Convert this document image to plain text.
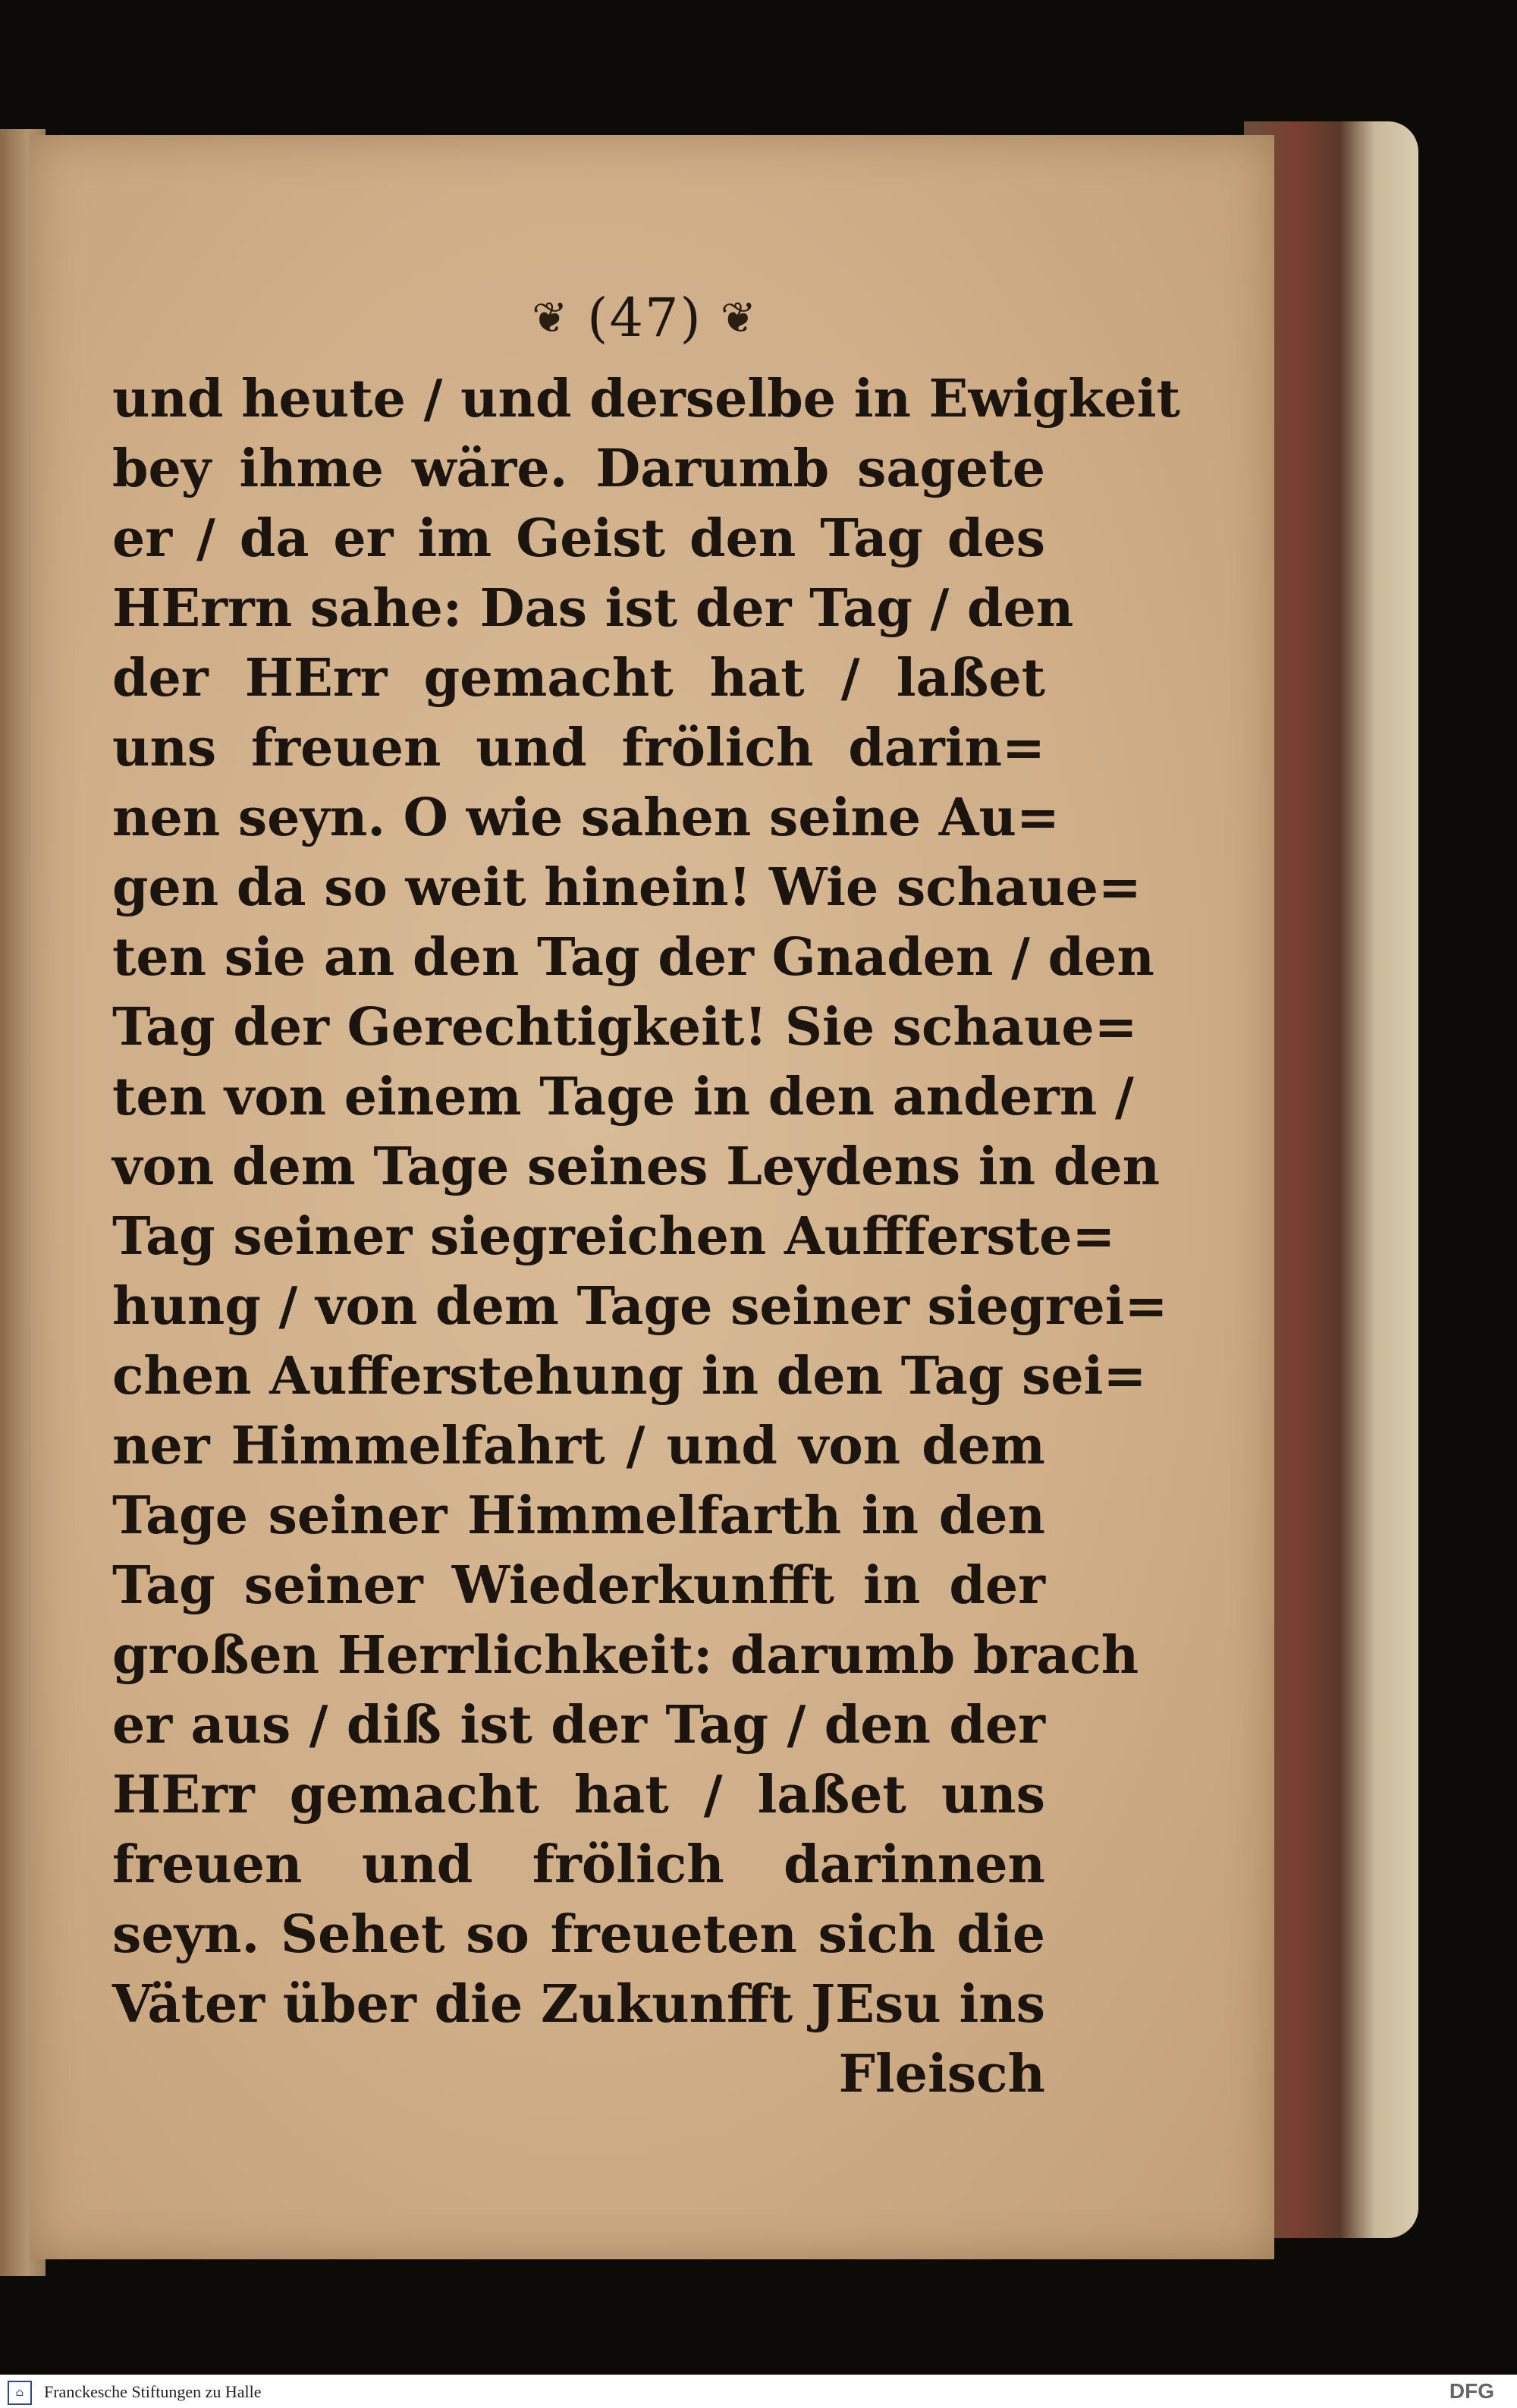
❦ (47) ❦
und heute / und derselbe in Ewigkeit
bey ihme wäre. Darumb sagete
er / da er im Geist den Tag des
HErrn sahe: Das ist der Tag / den
der HErr gemacht hat / laßet
uns freuen und frölich darin=
nen seyn. O wie sahen seine Au=
gen da so weit hinein! Wie schaue=
ten sie an den Tag der Gnaden / den
Tag der Gerechtigkeit! Sie schaue=
ten von einem Tage in den andern /
von dem Tage seines Leydens in den
Tag seiner siegreichen Auffferste=
hung / von dem Tage seiner siegrei=
chen Aufferstehung in den Tag sei=
ner Himmelfahrt / und von dem
Tage seiner Himmelfarth in den
Tag seiner Wiederkunfft in der
großen Herrlichkeit: darumb brach
er aus / diß ist der Tag / den der
HErr gemacht hat / laßet uns
freuen und frölich darinnen
seyn. Sehet so freueten sich die
Väter über die Zukunfft JEsu ins
Fleisch
⌂	Franckesche Stiftungen zu Halle	DFG
